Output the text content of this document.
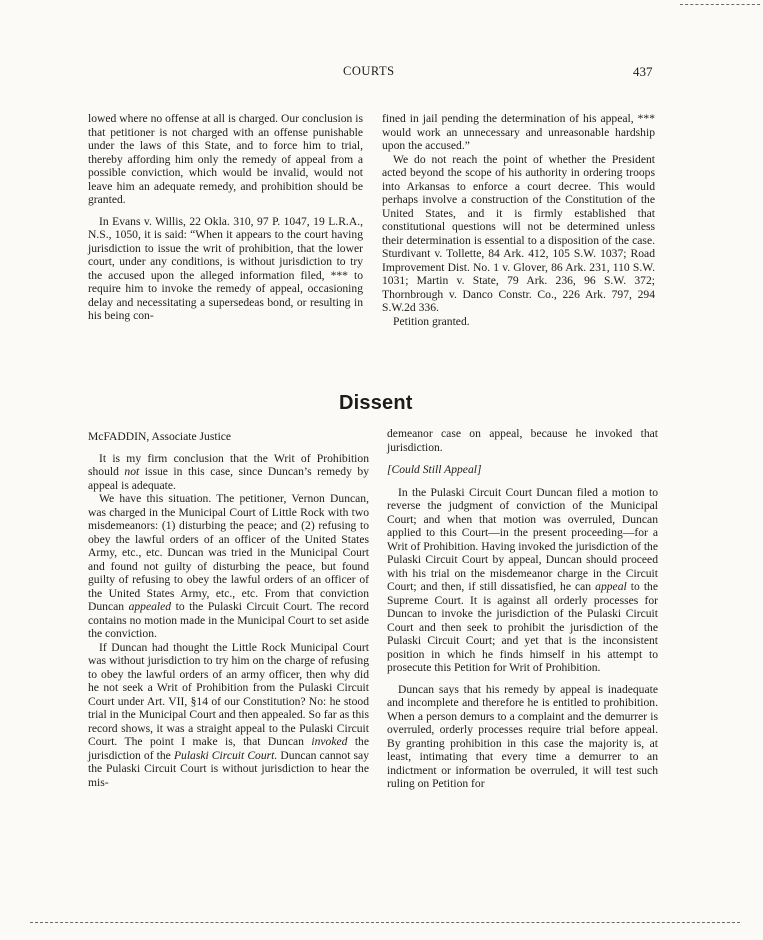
COURTS	437

lowed where no offense at all is charged. Our conclusion is that petitioner is not charged with an offense punishable under the laws of this State, and to force him to trial, thereby affording him only the remedy of appeal from a possible conviction, which would be invalid, would not leave him an adequate remedy, and prohibition should be granted.

In Evans v. Willis, 22 Okla. 310, 97 P. 1047, 19 L.R.A., N.S., 1050, it is said: “When it appears to the court having jurisdiction to issue the writ of prohibition, that the lower court, under any conditions, is without jurisdiction to try the accused upon the alleged information filed, *** to require him to invoke the remedy of appeal, occasioning delay and necessitating a supersedeas bond, or resulting in his being con-

fined in jail pending the determination of his appeal, *** would work an unnecessary and unreasonable hardship upon the accused.”

We do not reach the point of whether the President acted beyond the scope of his authority in ordering troops into Arkansas to enforce a court decree. This would perhaps involve a construction of the Constitution of the United States, and it is firmly established that constitutional questions will not be determined unless their determination is essential to a disposition of the case. Sturdivant v. Tollette, 84 Ark. 412, 105 S.W. 1037; Road Improvement Dist. No. 1 v. Glover, 86 Ark. 231, 110 S.W. 1031; Martin v. State, 79 Ark. 236, 96 S.W. 372; Thornbrough v. Danco Constr. Co., 226 Ark. 797, 294 S.W.2d 336.

Petition granted.

Dissent

McFADDIN, Associate Justice

It is my firm conclusion that the Writ of Prohibition should not issue in this case, since Duncan’s remedy by appeal is adequate.

We have this situation. The petitioner, Vernon Duncan, was charged in the Municipal Court of Little Rock with two misdemeanors: (1) disturbing the peace; and (2) refusing to obey the lawful orders of an officer of the United States Army, etc., etc. Duncan was tried in the Municipal Court and found not guilty of disturbing the peace, but found guilty of refusing to obey the lawful orders of an officer of the United States Army, etc., etc. From that conviction Duncan appealed to the Pulaski Circuit Court. The record contains no motion made in the Municipal Court to set aside the conviction.

If Duncan had thought the Little Rock Municipal Court was without jurisdiction to try him on the charge of refusing to obey the lawful orders of an army officer, then why did he not seek a Writ of Prohibition from the Pulaski Circuit Court under Art. VII, §14 of our Constitution? No: he stood trial in the Municipal Court and then appealed. So far as this record shows, it was a straight appeal to the Pulaski Circuit Court. The point I make is, that Duncan invoked the jurisdiction of the Pulaski Circuit Court. Duncan cannot say the Pulaski Circuit Court is without jurisdiction to hear the mis-

demeanor case on appeal, because he invoked that jurisdiction.

[Could Still Appeal]

In the Pulaski Circuit Court Duncan filed a motion to reverse the judgment of conviction of the Municipal Court; and when that motion was overruled, Duncan applied to this Court—in the present proceeding—for a Writ of Prohibition. Having invoked the jurisdiction of the Pulaski Circuit Court by appeal, Duncan should proceed with his trial on the misdemeanor charge in the Circuit Court; and then, if still dissatisfied, he can appeal to the Supreme Court. It is against all orderly processes for Duncan to invoke the jurisdiction of the Pulaski Circuit Court and then seek to prohibit the jurisdiction of the Pulaski Circuit Court; and yet that is the inconsistent position in which he finds himself in his attempt to prosecute this Petition for Writ of Prohibition.

Duncan says that his remedy by appeal is inadequate and incomplete and therefore he is entitled to prohibition. When a person demurs to a complaint and the demurrer is overruled, orderly processes require trial before appeal. By granting prohibition in this case the majority is, at least, intimating that every time a demurrer to an indictment or information be overruled, it will test such ruling on Petition for
